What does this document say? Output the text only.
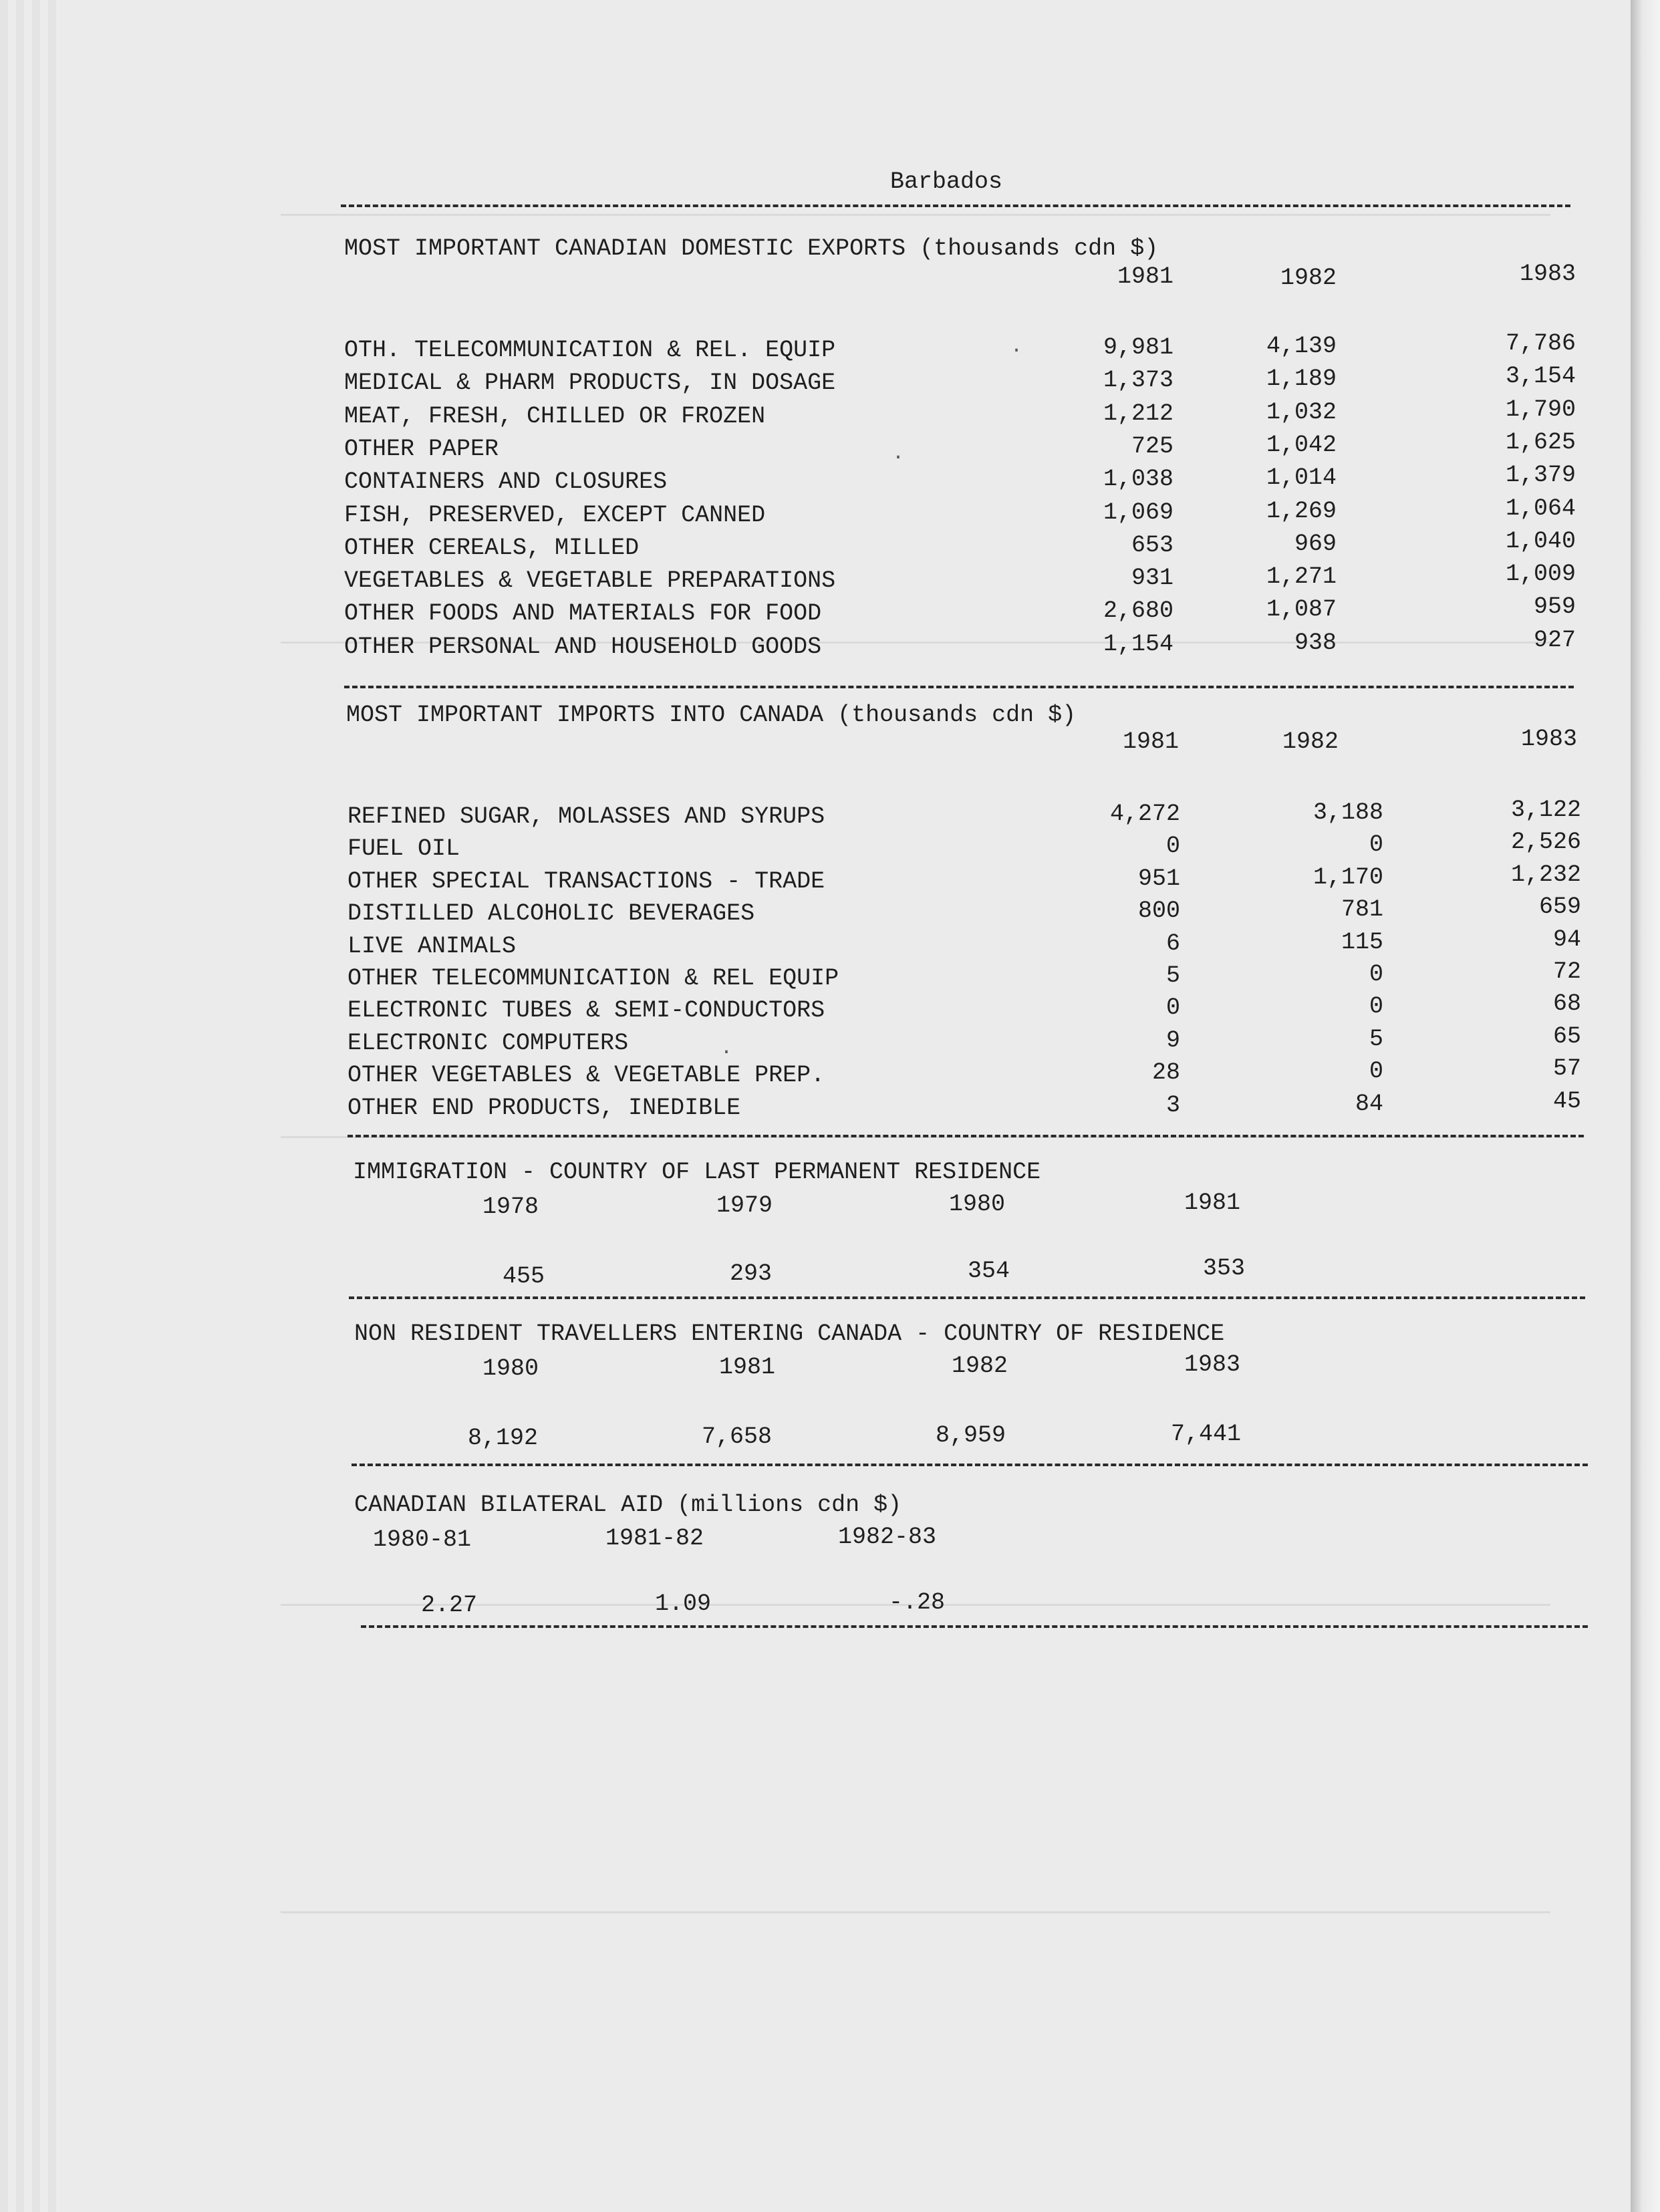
Barbados
MOST IMPORTANT CANADIAN DOMESTIC EXPORTS (thousands cdn $)
1981	1982	1983
OTH. TELECOMMUNICATION & REL. EQUIP	9,981	4,139	7,786
MEDICAL & PHARM PRODUCTS, IN DOSAGE	1,373	1,189	3,154
MEAT, FRESH, CHILLED OR FROZEN	1,212	1,032	1,790
OTHER PAPER	725	1,042	1,625
CONTAINERS AND CLOSURES	1,038	1,014	1,379
FISH, PRESERVED, EXCEPT CANNED	1,069	1,269	1,064
OTHER CEREALS, MILLED	653	969	1,040
VEGETABLES & VEGETABLE PREPARATIONS	931	1,271	1,009
OTHER FOODS AND MATERIALS FOR FOOD	2,680	1,087	959
OTHER PERSONAL AND HOUSEHOLD GOODS	1,154	938	927
MOST IMPORTANT IMPORTS INTO CANADA (thousands cdn $)
1981	1982	1983
REFINED SUGAR, MOLASSES AND SYRUPS	4,272	3,188	3,122
FUEL OIL	0	0	2,526
OTHER SPECIAL TRANSACTIONS - TRADE	951	1,170	1,232
DISTILLED ALCOHOLIC BEVERAGES	800	781	659
LIVE ANIMALS	6	115	94
OTHER TELECOMMUNICATION & REL EQUIP	5	0	72
ELECTRONIC TUBES & SEMI-CONDUCTORS	0	0	68
ELECTRONIC COMPUTERS	9	5	65
OTHER VEGETABLES & VEGETABLE PREP.	28	0	57
OTHER END PRODUCTS, INEDIBLE	3	84	45
IMMIGRATION - COUNTRY OF LAST PERMANENT RESIDENCE
1978	1979	1980	1981
455	293	354	353
NON RESIDENT TRAVELLERS ENTERING CANADA - COUNTRY OF RESIDENCE
1980	1981	1982	1983
8,192	7,658	8,959	7,441
CANADIAN BILATERAL AID (millions cdn $)
1980-81	1981-82	1982-83
2.27	1.09	-.28
·
·
·
